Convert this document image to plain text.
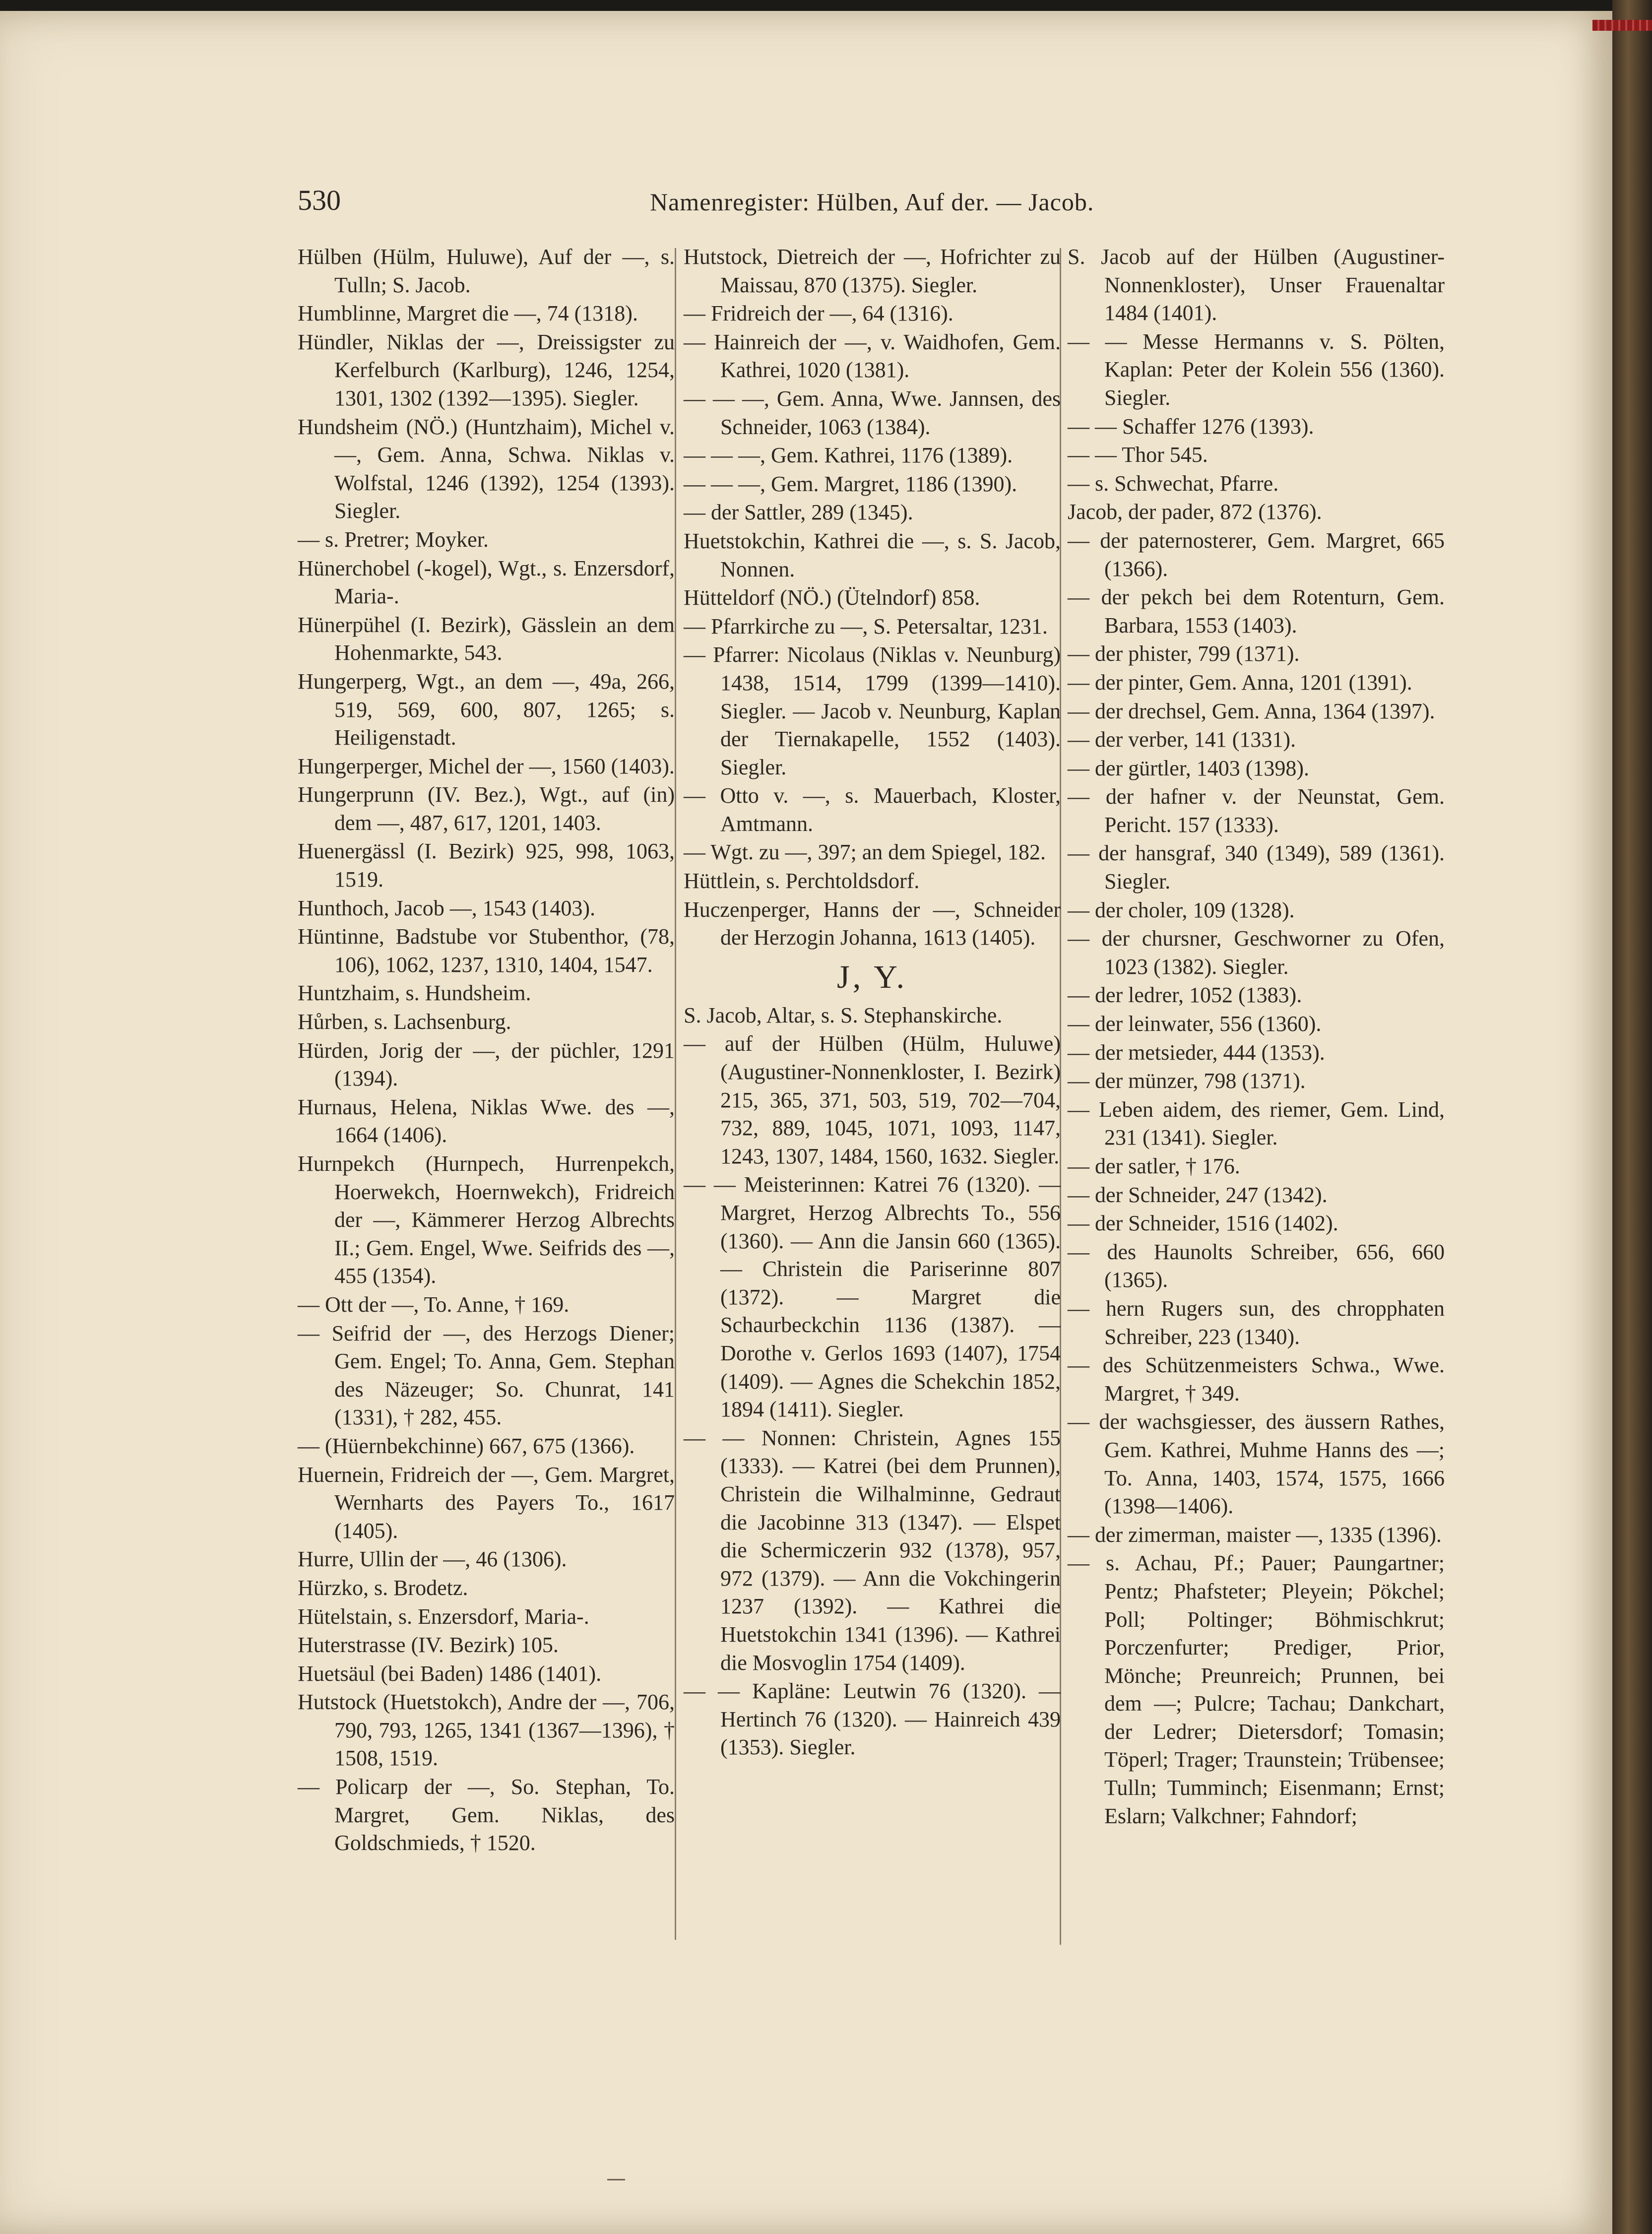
530	Namenregister: Hülben, Auf der. — Jacob.

Hülben (Hülm, Huluwe), Auf der —, s. Tulln; S. Jacob.

Humblinne, Margret die —, 74 (1318).

Hündler, Niklas der —, Dreissigster zu Kerfelburch (Karlburg), 1246, 1254, 1301, 1302 (1392—1395). Siegler.

Hundsheim (NÖ.) (Huntzhaim), Michel v. —, Gem. Anna, Schwa. Niklas v. Wolfstal, 1246 (1392), 1254 (1393). Siegler.

— s. Pretrer; Moyker.

Hünerchobel (-kogel), Wgt., s. Enzersdorf, Maria-.

Hünerpühel (I. Bezirk), Gässlein an dem Hohenmarkte, 543.

Hungerperg, Wgt., an dem —, 49a, 266, 519, 569, 600, 807, 1265; s. Heiligenstadt.

Hungerperger, Michel der —, 1560 (1403).

Hungerprunn (IV. Bez.), Wgt., auf (in) dem —, 487, 617, 1201, 1403.

Huenergässl (I. Bezirk) 925, 998, 1063, 1519.

Hunthoch, Jacob —, 1543 (1403).

Hüntinne, Badstube vor Stubenthor, (78, 106), 1062, 1237, 1310, 1404, 1547.

Huntzhaim, s. Hundsheim.

Hůrben, s. Lachsenburg.

Hürden, Jorig der —, der püchler, 1291 (1394).

Hurnaus, Helena, Niklas Wwe. des —, 1664 (1406).

Hurnpekch (Hurnpech, Hurrenpekch, Hoerwekch, Hoernwekch), Fridreich der —, Kämmerer Herzog Albrechts II.; Gem. Engel, Wwe. Seifrids des —, 455 (1354).

— Ott der —, To. Anne, † 169.

— Seifrid der —, des Herzogs Diener; Gem. Engel; To. Anna, Gem. Stephan des Näzeuger; So. Chunrat, 141 (1331), † 282, 455.

— (Hüernbekchinne) 667, 675 (1366).

Huernein, Fridreich der —, Gem. Margret, Wernharts des Payers To., 1617 (1405).

Hurre, Ullin der —, 46 (1306).

Hürzko, s. Brodetz.

Hütelstain, s. Enzersdorf, Maria-.

Huterstrasse (IV. Bezirk) 105.

Huetsäul (bei Baden) 1486 (1401).

Hutstock (Huetstokch), Andre der —, 706, 790, 793, 1265, 1341 (1367—1396), † 1508, 1519.

— Policarp der —, So. Stephan, To. Margret, Gem. Niklas, des Goldschmieds, † 1520.

Hutstock, Dietreich der —, Hofrichter zu Maissau, 870 (1375). Siegler.

— Fridreich der —, 64 (1316).

— Hainreich der —, v. Waidhofen, Gem. Kathrei, 1020 (1381).

— — —, Gem. Anna, Wwe. Jannsen, des Schneider, 1063 (1384).

— — —, Gem. Kathrei, 1176 (1389).

— — —, Gem. Margret, 1186 (1390).

— der Sattler, 289 (1345).

Huetstokchin, Kathrei die —, s. S. Jacob, Nonnen.

Hütteldorf (NÖ.) (Ütelndorf) 858.

— Pfarrkirche zu —, S. Petersaltar, 1231.

— Pfarrer: Nicolaus (Niklas v. Neunburg) 1438, 1514, 1799 (1399—1410). Siegler. — Jacob v. Neunburg, Kaplan der Tiernakapelle, 1552 (1403). Siegler.

— Otto v. —, s. Mauerbach, Kloster, Amtmann.

— Wgt. zu —, 397; an dem Spiegel, 182.

Hüttlein, s. Perchtoldsdorf.

Huczenperger, Hanns der —, Schneider der Herzogin Johanna, 1613 (1405).

J, Y.

S. Jacob, Altar, s. S. Stephanskirche.

— auf der Hülben (Hülm, Huluwe) (Augustiner-Nonnenkloster, I. Bezirk) 215, 365, 371, 503, 519, 702—704, 732, 889, 1045, 1071, 1093, 1147, 1243, 1307, 1484, 1560, 1632. Siegler.

— — Meisterinnen: Katrei 76 (1320). — Margret, Herzog Albrechts To., 556 (1360). — Ann die Jansin 660 (1365). — Christein die Pariserinne 807 (1372). — Margret die Schaurbeckchin 1136 (1387). — Dorothe v. Gerlos 1693 (1407), 1754 (1409). — Agnes die Schekchin 1852, 1894 (1411). Siegler.

— — Nonnen: Christein, Agnes 155 (1333). — Katrei (bei dem Prunnen), Christein die Wilhalminne, Gedraut die Jacobinne 313 (1347). — Elspet die Schermiczerin 932 (1378), 957, 972 (1379). — Ann die Vokchingerin 1237 (1392). — Kathrei die Huetstokchin 1341 (1396). — Kathrei die Mosvoglin 1754 (1409).

— — Kapläne: Leutwin 76 (1320). — Hertinch 76 (1320). — Hainreich 439 (1353). Siegler.

S. Jacob auf der Hülben (Augustiner-Nonnenkloster), Unser Frauenaltar 1484 (1401).

— — Messe Hermanns v. S. Pölten, Kaplan: Peter der Kolein 556 (1360). Siegler.

— — Schaffer 1276 (1393).

— — Thor 545.

— s. Schwechat, Pfarre.

Jacob, der pader, 872 (1376).

— der paternosterer, Gem. Margret, 665 (1366).

— der pekch bei dem Rotenturn, Gem. Barbara, 1553 (1403).

— der phister, 799 (1371).

— der pinter, Gem. Anna, 1201 (1391).

— der drechsel, Gem. Anna, 1364 (1397).

— der verber, 141 (1331).

— der gürtler, 1403 (1398).

— der hafner v. der Neunstat, Gem. Pericht. 157 (1333).

— der hansgraf, 340 (1349), 589 (1361). Siegler.

— der choler, 109 (1328).

— der chursner, Geschworner zu Ofen, 1023 (1382). Siegler.

— der ledrer, 1052 (1383).

— der leinwater, 556 (1360).

— der metsieder, 444 (1353).

— der münzer, 798 (1371).

— Leben aidem, des riemer, Gem. Lind, 231 (1341). Siegler.

— der satler, † 176.

— der Schneider, 247 (1342).

— der Schneider, 1516 (1402).

— des Haunolts Schreiber, 656, 660 (1365).

— hern Rugers sun, des chropphaten Schreiber, 223 (1340).

— des Schützenmeisters Schwa., Wwe. Margret, † 349.

— der wachsgiesser, des äussern Rathes, Gem. Kathrei, Muhme Hanns des —; To. Anna, 1403, 1574, 1575, 1666 (1398—1406).

— der zimerman, maister —, 1335 (1396).

— s. Achau, Pf.; Pauer; Paungartner; Pentz; Phafsteter; Pleyein; Pökchel; Poll; Poltinger; Böhmischkrut; Porczenfurter; Prediger, Prior, Mönche; Preunreich; Prunnen, bei dem —; Pulcre; Tachau; Dankchart, der Ledrer; Dietersdorf; Tomasin; Töperl; Trager; Traunstein; Trübensee; Tulln; Tumminch; Eisenmann; Ernst; Eslarn; Valkchner; Fahndorf;
